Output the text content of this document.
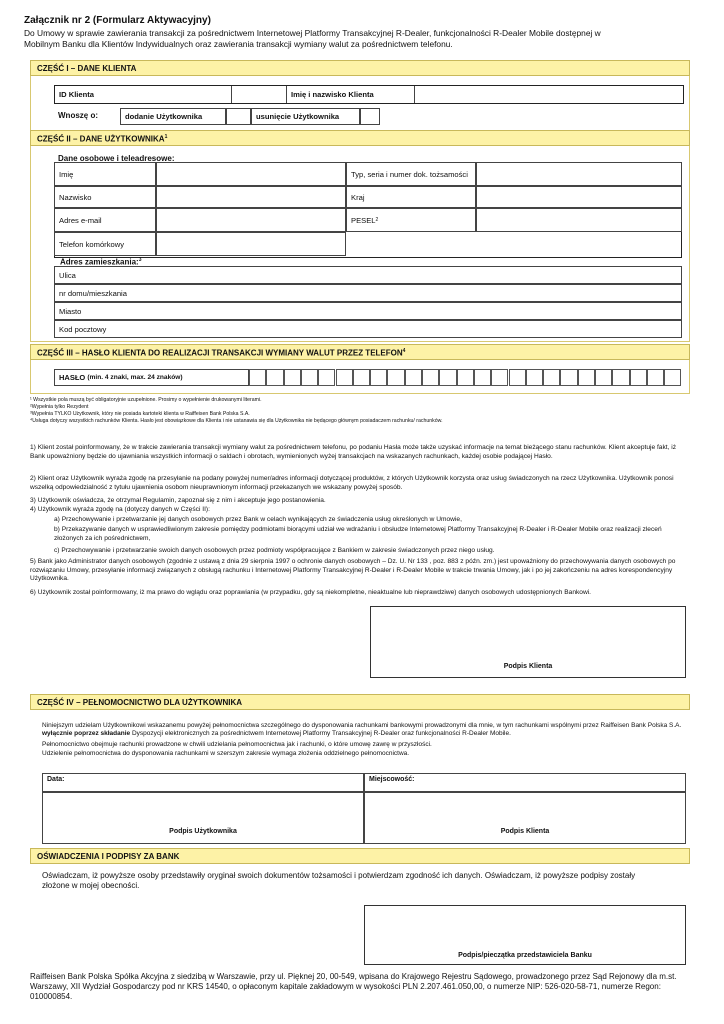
Załącznik nr 2 (Formularz Aktywacyjny)
Do Umowy w sprawie zawierania transakcji za pośrednictwem Internetowej Platformy Transakcyjnej R-Dealer, funkcjonalności R-Dealer Mobile dostępnej w Mobilnym Banku dla Klientów Indywidualnych oraz zawierania transakcji wymiany walut za pośrednictwem telefonu.
CZĘŚĆ I – DANE KLIENTA
ID Klienta	Imię i nazwisko Klienta
Wnoszę o:	dodanie Użytkownika	usunięcie Użytkownika
CZĘŚĆ II – DANE UŻYTKOWNIKA$^1$
Dane osobowe i teleadresowe:
Imię	Typ, seria i numer dok. tożsamości
Nazwisko	Kraj
Adres e-mail	PESEL 2
Telefon komórkowy
Adres zamieszkania:$^3$
Ulica
nr domu/mieszkania
Miasto
Kod pocztowy
CZĘŚĆ III – HASŁO KLIENTA DO REALIZACJI TRANSAKCJI WYMIANY WALUT PRZEZ TELEFON$^4$
HASŁO
(min. 4 znaki, max. 24 znaków)
¹ Wszystkie pola muszą być obligatoryjnie uzupełnione. Prosimy o wypełnienie drukowanymi literami.
²Wypełnia tylko Rezydent
³Wypełnia TYLKO Użytkownik, który nie posiada kartoteki klienta w Raiffeisen Bank Polska S.A.
⁴Usługa dotyczy wszystkich rachunków Klienta. Hasło jest obowiązkowe dla Klienta i nie ustanawia się dla Użytkownika nie będącego głównym posiadaczem rachunku/ rachunków.
1) Klient został poinformowany, że w trakcie zawierania transakcji wymiany walut za pośrednictwem telefonu, po podaniu Hasła może także uzyskać informacje na temat bieżącego stanu rachunków. Klient akceptuje fakt, iż Bank upoważniony będzie do ujawniania wszystkich informacji o saldach i obrotach, wymienionych wyżej transakcjach na wskazanych rachunkach, każdej osobie podającej Hasło.
2) Klient oraz Użytkownik wyraża zgodę na przesyłanie na podany powyżej numer/adres informacji dotyczącej produktów, z których Użytkownik korzysta oraz usług świadczonych na rzecz Użytkownika. Użytkownik ponosi wszelką odpowiedzialność z tytułu ujawnienia osobom nieuprawnionym informacji przekazanych we wskazany powyżej sposób.
3) Użytkownik oświadcza, że otrzymał Regulamin, zapoznał się z nim i akceptuje jego postanowienia.
4) Użytkownik wyraża zgodę na (dotyczy danych w Części II):
a) Przechowywanie i przetwarzanie jej danych osobowych przez Bank w celach wynikających ze świadczenia usług określonych w Umowie,
b) Przekazywanie danych w usprawiedliwionym zakresie pomiędzy podmiotami biorącymi udział we wdrażaniu i obsłudze Internetowej Platformy Transakcyjnej R-Dealer i R-Dealer Mobile oraz realizacji zleceń złożonych za ich pośrednictwem,
c) Przechowywanie i przetwarzanie swoich danych osobowych przez podmioty współpracujące z Bankiem w zakresie świadczonych przez niego usług.
5) Bank jako Administrator danych osobowych (zgodnie z ustawą z dnia 29 sierpnia 1997 o ochronie danych osobowych – Dz. U. Nr 133 , poz. 883 z późn. zm.) jest upoważniony do przechowywania danych osobowych po rozwiązaniu Umowy, przesyłanie informacji związanych z obsługą rachunku i Internetowej Platformy Transakcyjnej R-Dealer i R-Dealer Mobile w trakcie trwania Umowy, jak i po jej zakończeniu na adres korespondencyjny Użytkownika.
6) Użytkownik został poinformowany, iż ma prawo do wglądu oraz poprawiania (w przypadku, gdy są niekompletne, nieaktualne lub nieprawdziwe) danych osobowych udostępnionych Bankowi.
Podpis Klienta
CZĘŚĆ IV – PEŁNOMOCNICTWO DLA UŻYTKOWNIKA
Niniejszym udzielam Użytkownikowi wskazanemu powyżej pełnomocnictwa szczególnego do dysponowania rachunkami bankowymi prowadzonymi dla mnie, w tym rachunkami wspólnymi przez Raiffeisen Bank Polska S.A. wyłącznie poprzez składanie Dyspozycji elektronicznych za pośrednictwem Internetowej Platformy Transakcyjnej R-Dealer oraz funkcjonalności R-Dealer Mobile.
Pełnomocnictwo obejmuje rachunki prowadzone w chwili udzielania pełnomocnictwa jak i rachunki, o które umowę zawrę w przyszłości.
Udzielenie pełnomocnictwa do dysponowania rachunkami w szerszym zakresie wymaga złożenia oddzielnego pełnomocnictwa.
Data:	Miejscowość:
Podpis Użytkownika	Podpis Klienta
OŚWIADCZENIA I PODPISY ZA BANK
Oświadczam, iż powyższe osoby przedstawiły oryginał swoich dokumentów tożsamości i potwierdzam zgodność ich danych. Oświadczam, iż powyższe podpisy zostały złożone w mojej obecności.
Podpis/pieczątka przedstawiciela Banku
Raiffeisen Bank Polska Spółka Akcyjna z siedzibą w Warszawie, przy ul. Pięknej 20, 00-549, wpisana do Krajowego Rejestru Sądowego, prowadzonego przez Sąd Rejonowy dla m.st. Warszawy, XII Wydział Gospodarczy pod nr KRS 14540, o opłaconym kapitale zakładowym w wysokości PLN 2.207.461.050,00, o numerze NIP: 526-020-58-71, numerze Regon: 010000854.
